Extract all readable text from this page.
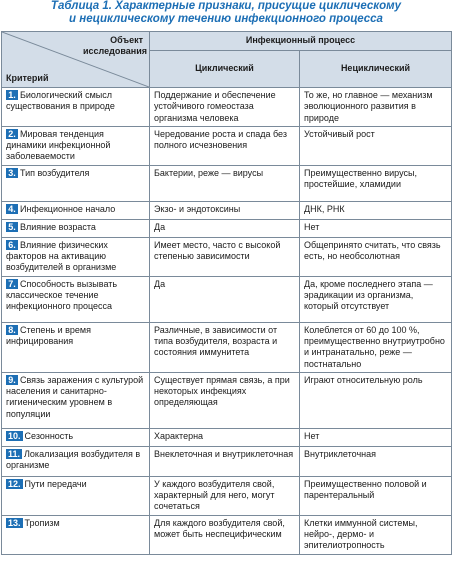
Таблица 1. Характерные признаки, присущие циклическому
и нециклическому течению инфекционного процесса
Объект исследования
Критерий	Инфекционный процесс	
	Циклический	Нециклический
1. Биологический смысл существования в природе	Поддержание и обеспечение устойчивого гомеостаза организма человека	То же, но главное — механизм эволюционного развития в природе
2. Мировая тенденция динамики инфекционной заболеваемости	Чередование роста и спада без полного исчезновения	Устойчивый рост
3. Тип возбудителя	Бактерии, реже — вирусы	Преимущественно вирусы, простейшие, хламидии
4. Инфекционное начало	Экзо- и эндотоксины	ДНК, РНК
5. Влияние возраста	Да	Нет
6. Влияние физических факторов на активацию возбудителей в организме	Имеет место, часто с высокой степенью зависимости	Общепринято считать, что связь есть, но необсолютная
7. Способность вызывать классическое течение инфекционного процесса	Да	Да, кроме последнего этапа — эрадикации из организма, который отсутствует
8. Степень и время инфицирования	Различные, в зависимости от типа возбудителя, возраста и состояния иммунитета	Колеблется от 60 до 100 %, преимущественно внутриутробно и интранатально, реже — постнатально
9. Связь заражения с культурой населения и санитарно-гигиеническим уровнем в популяции	Существует прямая связь, а при некоторых инфекциях определяющая	Играют относительную роль
10. Сезонность	Характерна	Нет
11. Локализация возбудителя в организме	Внеклеточная и внутриклеточная	Внутриклеточная
12. Пути передачи	У каждого возбудителя свой, характерный для него, могут сочетаться	Преимущественно половой и парентеральный
13. Тропизм	Для каждого возбудителя свой, может быть неспецифическим	Клетки иммунной системы, нейро-, дермо- и эпителиотропность
